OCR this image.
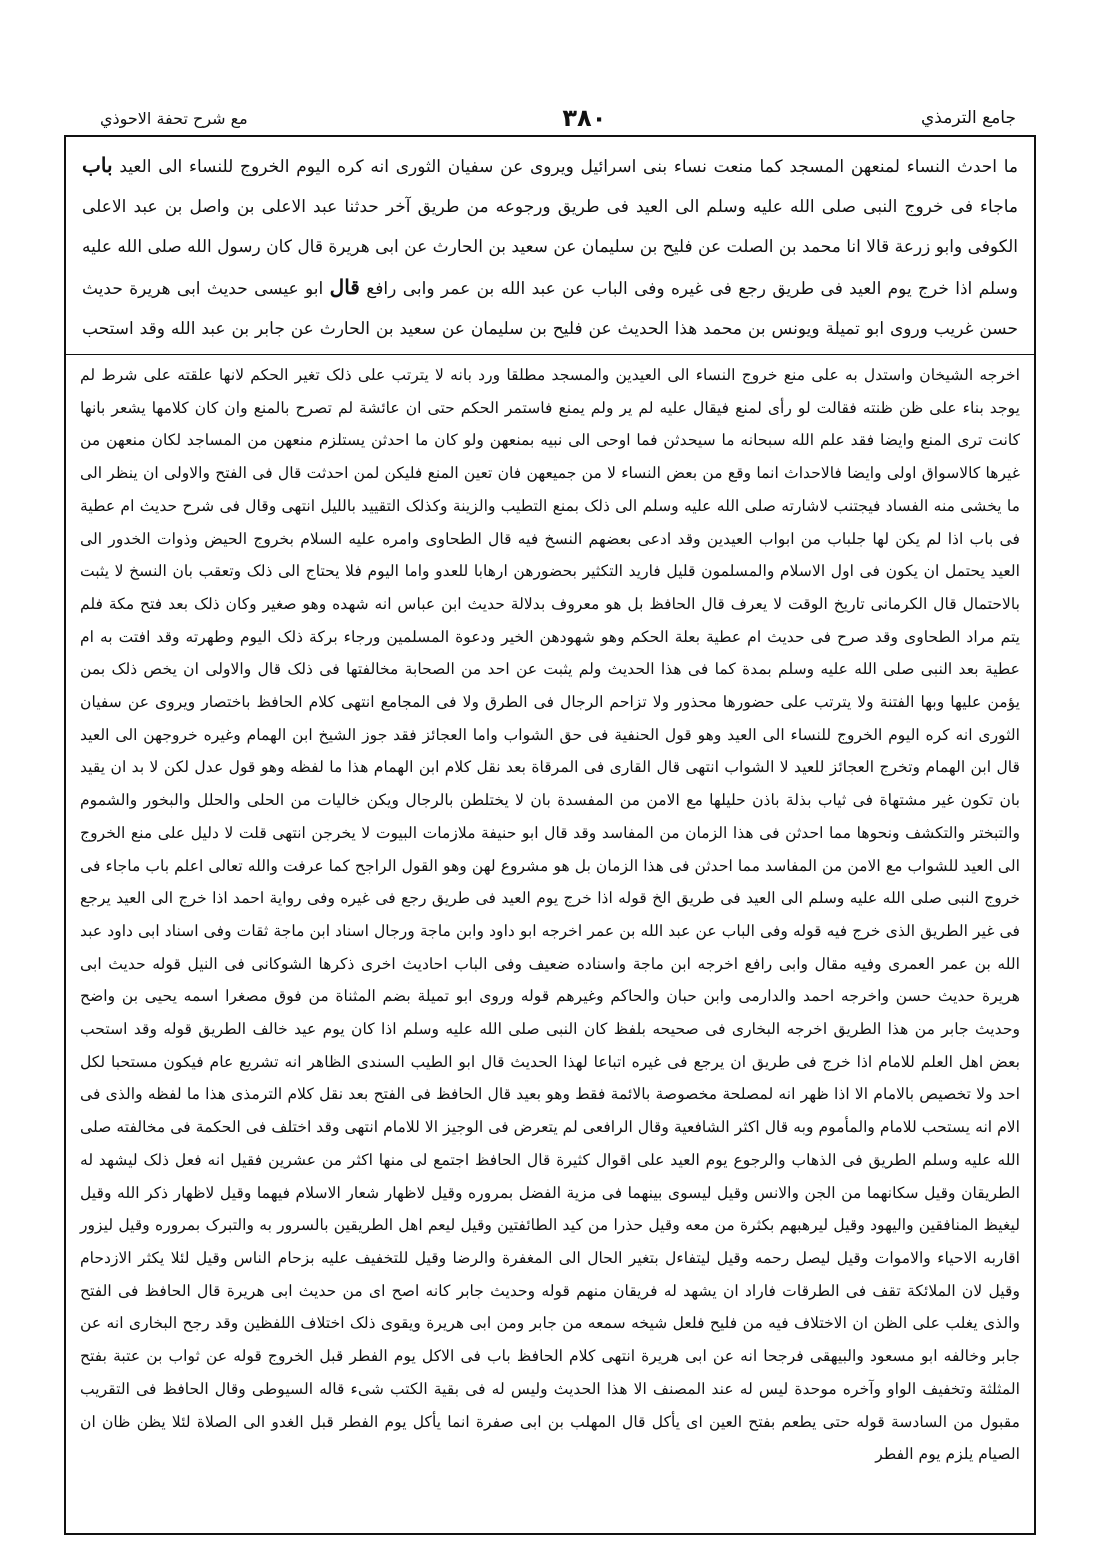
جامع الترمذي
٣٨٠
مع شرح تحفة الاحوذي

ما احدث النساء لمنعهن المسجد کما منعت نساء بنی اسرائیل ویروی عن سفیان الثوری انه کره الیوم الخروج للنساء الی العید باب ماجاء فی خروج النبی صلی الله علیه وسلم الی العید فی طریق ورجوعه من طریق آخر حدثنا عبد الاعلی بن واصل بن عبد الاعلی الکوفی وابو زرعة قالا انا محمد بن الصلت عن فلیح بن سلیمان عن سعید بن الحارث عن ابی هریرة قال کان رسول الله صلی الله علیه وسلم اذا خرج یوم العید فی طریق رجع فی غیره وفی الباب عن عبد الله بن عمر وابی رافع قال ابو عیسی حدیث ابی هریرة حدیث حسن غریب وروی ابو تمیلة ویونس بن محمد هذا الحدیث عن فلیح بن سلیمان عن سعید بن الحارث عن جابر بن عبد الله وقد استحب

اخرجه الشیخان واستدل به علی منع خروج النساء الی العیدین والمسجد مطلقا ورد بانه لا یترتب علی ذلک تغیر الحکم لانها علقته علی شرط لم یوجد بناء علی ظن ظنته فقالت لو رأی لمنع فیقال علیه لم یر ولم یمنع فاستمر الحکم حتی ان عائشة لم تصرح بالمنع وان کان کلامها یشعر بانها کانت تری المنع وایضا فقد علم الله سبحانه ما سیحدثن فما اوحی الی نبیه بمنعهن ولو کان ما احدثن یستلزم منعهن من المساجد لکان منعهن من غیرها کالاسواق اولی وایضا فالاحداث انما وقع من بعض النساء لا من جمیعهن فان تعین المنع فلیکن لمن احدثت قال فی الفتح والاولی ان ینظر الی ما یخشی منه الفساد فیجتنب لاشارته صلی الله علیه وسلم الی ذلک بمنع التطیب والزینة وکذلک التقیید باللیل انتهی وقال فی شرح حدیث ام عطیة فی باب اذا لم یکن لها جلباب من ابواب العیدین وقد ادعی بعضهم النسخ فیه قال الطحاوی وامره علیه السلام بخروج الحیض وذوات الخدور الی العید یحتمل ان یکون فی اول الاسلام والمسلمون قلیل فارید التکثیر بحضورهن ارهابا للعدو واما الیوم فلا یحتاج الی ذلک وتعقب بان النسخ لا یثبت بالاحتمال قال الکرمانی تاریخ الوقت لا یعرف قال الحافظ بل هو معروف بدلالة حدیث ابن عباس انه شهده وهو صغیر وکان ذلک بعد فتح مکة فلم یتم مراد الطحاوی وقد صرح فی حدیث ام عطیة بعلة الحکم وهو شهودهن الخیر ودعوة المسلمین ورجاء برکة ذلک الیوم وطهرته وقد افتت به ام عطیة بعد النبی صلی الله علیه وسلم بمدة کما فی هذا الحدیث ولم یثبت عن احد من الصحابة مخالفتها فی ذلک قال والاولی ان یخص ذلک بمن یؤمن علیها وبها الفتنة ولا یترتب علی حضورها محذور ولا تزاحم الرجال فی الطرق ولا فی المجامع انتهی کلام الحافظ باختصار ویروی عن سفیان الثوری انه کره الیوم الخروج للنساء الی العید وهو قول الحنفیة فی حق الشواب واما العجائز فقد جوز الشیخ ابن الهمام وغیره خروجهن الی العید قال ابن الهمام وتخرج العجائز للعید لا الشواب انتهی قال القاری فی المرقاة بعد نقل کلام ابن الهمام هذا ما لفظه وهو قول عدل لکن لا بد ان یقید بان تکون غیر مشتهاة فی ثیاب بذلة باذن حلیلها مع الامن من المفسدة بان لا یختلطن بالرجال ویکن خالیات من الحلی والحلل والبخور والشموم والتبختر والتکشف ونحوها مما احدثن فی هذا الزمان من المفاسد وقد قال ابو حنیفة ملازمات البیوت لا یخرجن انتهی قلت لا دلیل علی منع الخروج الی العید للشواب مع الامن من المفاسد مما احدثن فی هذا الزمان بل هو مشروع لهن وهو القول الراجح کما عرفت والله تعالی اعلم باب ماجاء فی خروج النبی صلی الله علیه وسلم الی العید فی طریق الخ قوله اذا خرج یوم العید فی طریق رجع فی غیره وفی روایة احمد اذا خرج الی العید یرجع فی غیر الطریق الذی خرج فیه قوله وفی الباب عن عبد الله بن عمر اخرجه ابو داود وابن ماجة ورجال اسناد ابن ماجة ثقات وفی اسناد ابی داود عبد الله بن عمر العمری وفیه مقال وابی رافع اخرجه ابن ماجة واسناده ضعیف وفی الباب احادیث اخری ذکرها الشوکانی فی النیل قوله حدیث ابی هریرة حدیث حسن واخرجه احمد والدارمی وابن حبان والحاکم وغیرهم قوله وروی ابو تمیلة بضم المثناة من فوق مصغرا اسمه یحیی بن واضح وحدیث جابر من هذا الطریق اخرجه البخاری فی صحیحه بلفظ کان النبی صلی الله علیه وسلم اذا کان یوم عید خالف الطریق قوله وقد استحب بعض اهل العلم للامام اذا خرج فی طریق ان یرجع فی غیره اتباعا لهذا الحدیث قال ابو الطیب السندی الظاهر انه تشریع عام فیکون مستحبا لکل احد ولا تخصیص بالامام الا اذا ظهر انه لمصلحة مخصوصة بالائمة فقط وهو بعید قال الحافظ فی الفتح بعد نقل کلام الترمذی هذا ما لفظه والذی فی الام انه یستحب للامام والمأموم وبه قال اکثر الشافعیة وقال الرافعی لم یتعرض فی الوجیز الا للامام انتهی وقد اختلف فی الحکمة فی مخالفته صلی الله علیه وسلم الطریق فی الذهاب والرجوع یوم العید علی اقوال کثیرة قال الحافظ اجتمع لی منها اکثر من عشرین فقیل انه فعل ذلک لیشهد له الطریقان وقیل سکانهما من الجن والانس وقیل لیسوی بینهما فی مزیة الفضل بمروره وقیل لاظهار شعار الاسلام فیهما وقیل لاظهار ذکر الله وقیل لیغیظ المنافقین والیهود وقیل لیرهبهم بکثرة من معه وقیل حذرا من کید الطائفتین وقیل لیعم اهل الطریقین بالسرور به والتبرک بمروره وقیل لیزور اقاربه الاحیاء والاموات وقیل لیصل رحمه وقیل لیتفاءل بتغیر الحال الی المغفرة والرضا وقیل للتخفیف علیه بزحام الناس وقیل لئلا یکثر الازدحام وقیل لان الملائکة تقف فی الطرقات فاراد ان یشهد له فریقان منهم قوله وحدیث جابر کانه اصح ای من حدیث ابی هریرة قال الحافظ فی الفتح والذی یغلب علی الظن ان الاختلاف فیه من فلیح فلعل شیخه سمعه من جابر ومن ابی هریرة ویقوی ذلک اختلاف اللفظین وقد رجح البخاری انه عن جابر وخالفه ابو مسعود والبیهقی فرجحا انه عن ابی هریرة انتهی کلام الحافظ باب فی الاکل یوم الفطر قبل الخروج قوله عن ثواب بن عتبة بفتح المثلثة وتخفیف الواو وآخره موحدة لیس له عند المصنف الا هذا الحدیث ولیس له فی بقیة الکتب شیء قاله السیوطی وقال الحافظ فی التقریب مقبول من السادسة قوله حتی یطعم بفتح العین ای یأکل قال المهلب بن ابی صفرة انما یأکل یوم الفطر قبل الغدو الی الصلاة لئلا یظن ظان ان الصیام یلزم یوم الفطر
